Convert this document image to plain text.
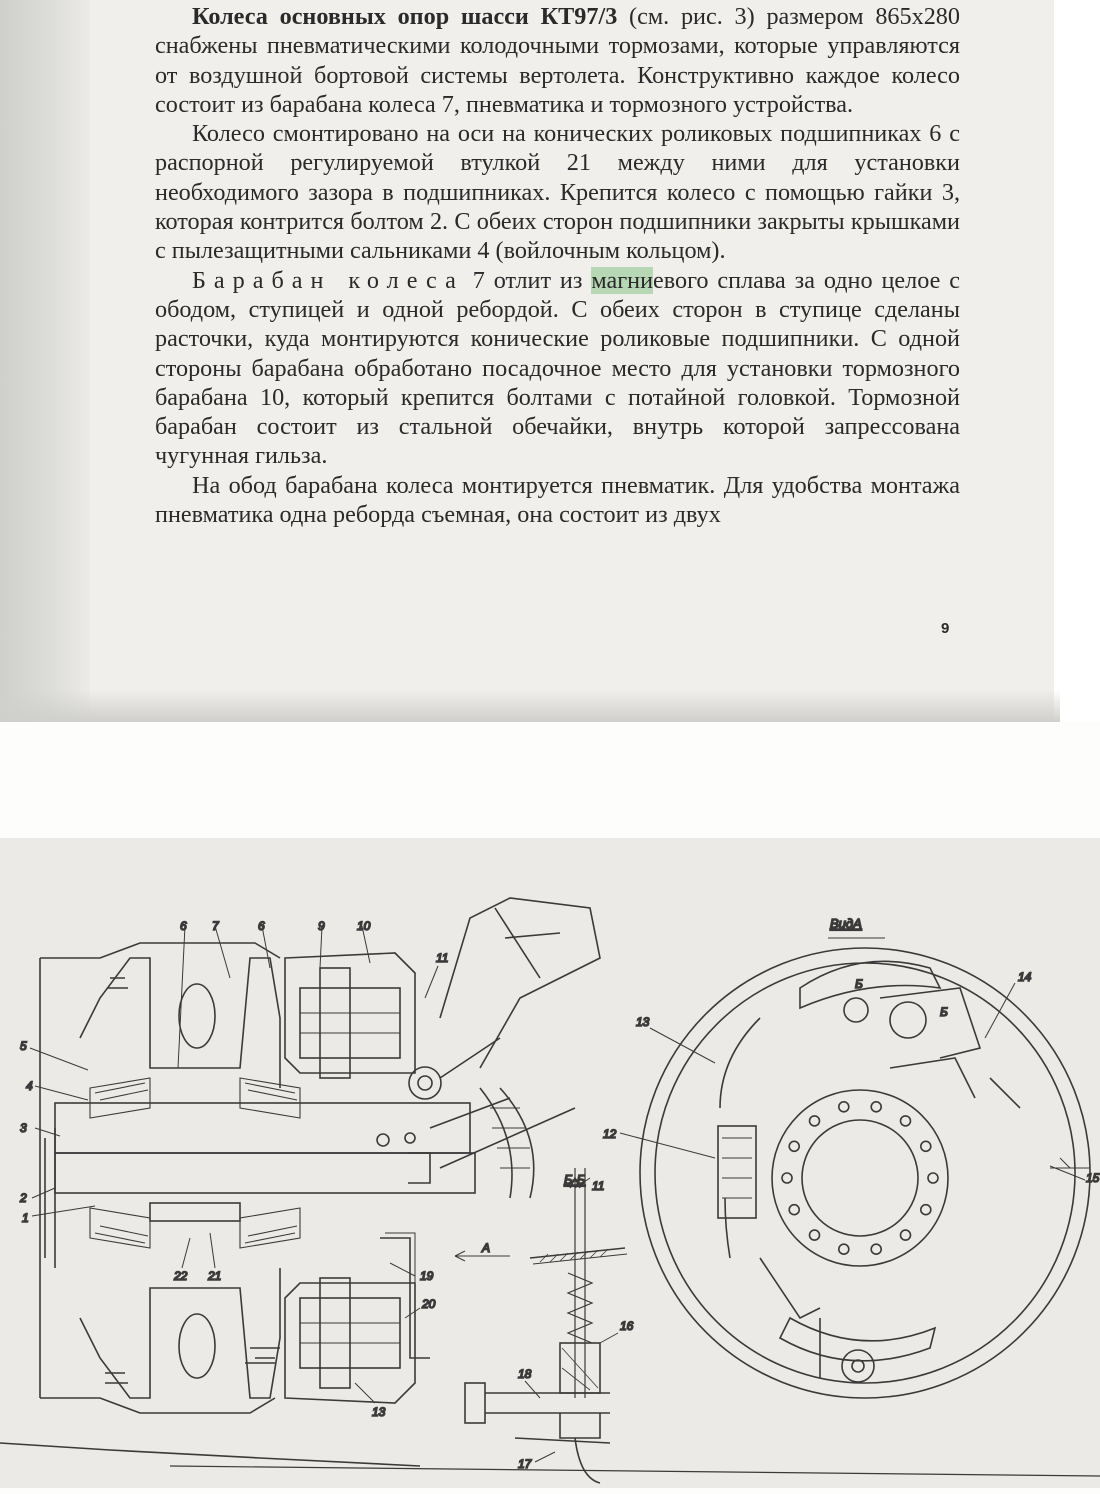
Колеса основных опор шасси КТ97/3 (см. рис. 3) размером 865x280 снабжены пневматическими колодочными тормозами, которые управляются от воздушной бортовой системы вертолета. Конструктивно каждое колесо состоит из барабана колеса 7, пневматика и тормозного устройства.

Колесо смонтировано на оси на конических роликовых подшипниках 6 с распорной регулируемой втулкой 21 между ними для установки необходимого зазора в подшипниках. Крепится колесо с помощью гайки 3, которая контрится болтом 2. С обеих сторон подшипники закрыты крышками с пылезащитными сальниками 4 (войлочным кольцом).

Барабан колеса 7 отлит из магниевого сплава за одно целое с ободом, ступицей и одной ребордой. С обеих сторон в ступице сделаны расточки, куда монтируются конические роликовые подшипники. С одной стороны барабана обработано посадочное место для установки тормозного барабана 10, который крепится болтами с потайной головкой. Тормозной барабан состоит из стальной обечайки, внутрь которой запрессована чугунная гильза.

На обод барабана колеса монтируется пневматик. Для удобства монтажа пневматика одна реборда съемная, она состоит из двух

9
6 7	6	9	10
11
5
4
3
2
1
22 21	19
20
13
А
Б-Б 11
16
18
17
ВидА
13
12
14
15
Б
Б
